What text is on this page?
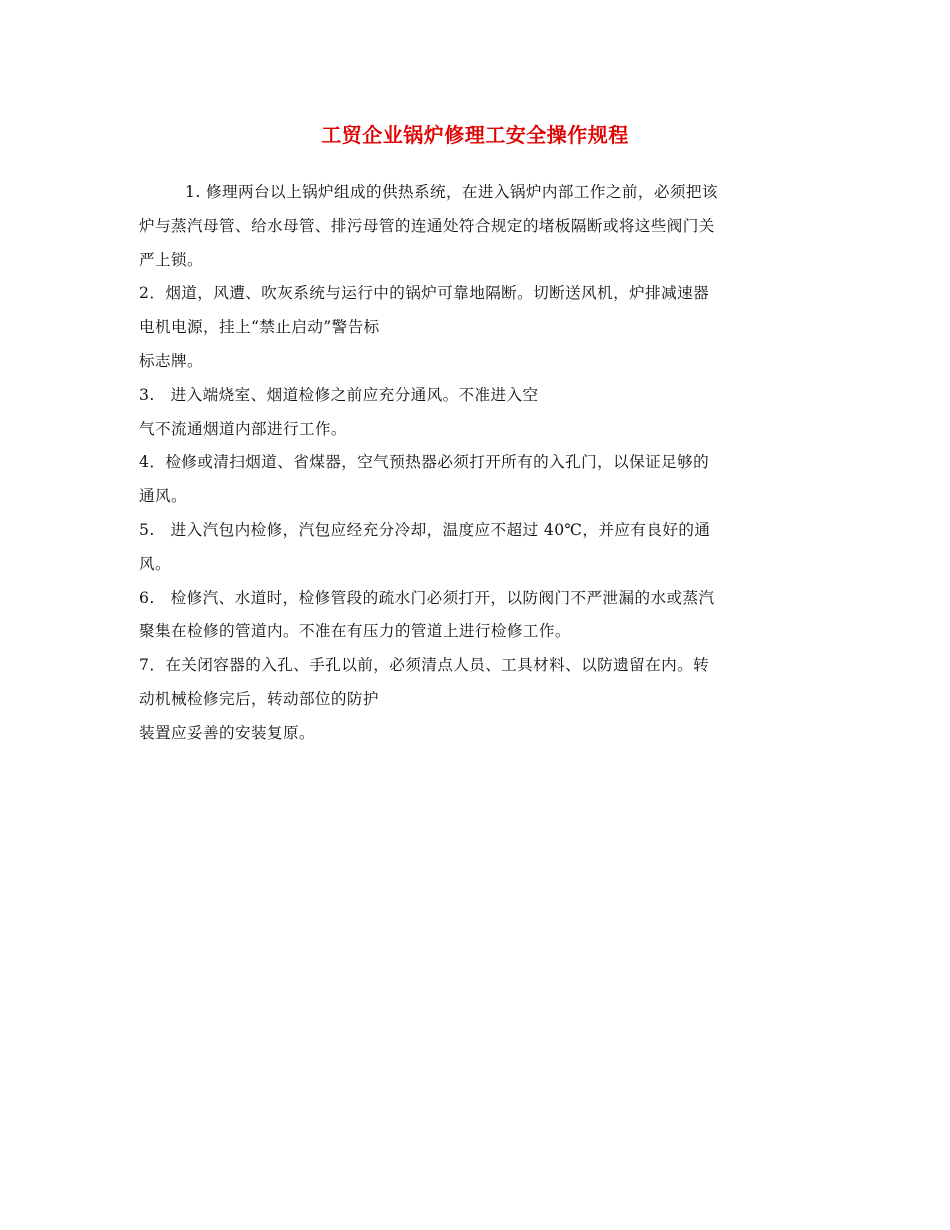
工贸企业锅炉修理工安全操作规程
1. 修理两台以上锅炉组成的供热系统，在进入锅炉内部工作之前，必须把该
炉与蒸汽母管、给水母管、排污母管的连通处符合规定的堵板隔断或将这些阀门关
严上锁。
2．烟道，风遭、吹灰系统与运行中的锅炉可靠地隔断。切断送风机，炉排减速器
电机电源，挂上“禁止启动”警告标
标志牌。
3.　进入端烧室、烟道检修之前应充分通风。不准进入空
气不流通烟道内部进行工作。
4．检修或清扫烟道、省煤器，空气预热器必须打开所有的入孔门，以保证足够的
通风。
5.　进入汽包内检修，汽包应经充分冷却，温度应不超过 40℃，并应有良好的通
风。
6.　检修汽、水道时，检修管段的疏水门必须打开，以防阀门不严泄漏的水或蒸汽
聚集在检修的管道内。不准在有压力的管道上进行检修工作。
7．在关闭容器的入孔、手孔以前，必须清点人员、工具材料、以防遗留在内。转
动机械检修完后，转动部位的防护
装置应妥善的安装复原。
